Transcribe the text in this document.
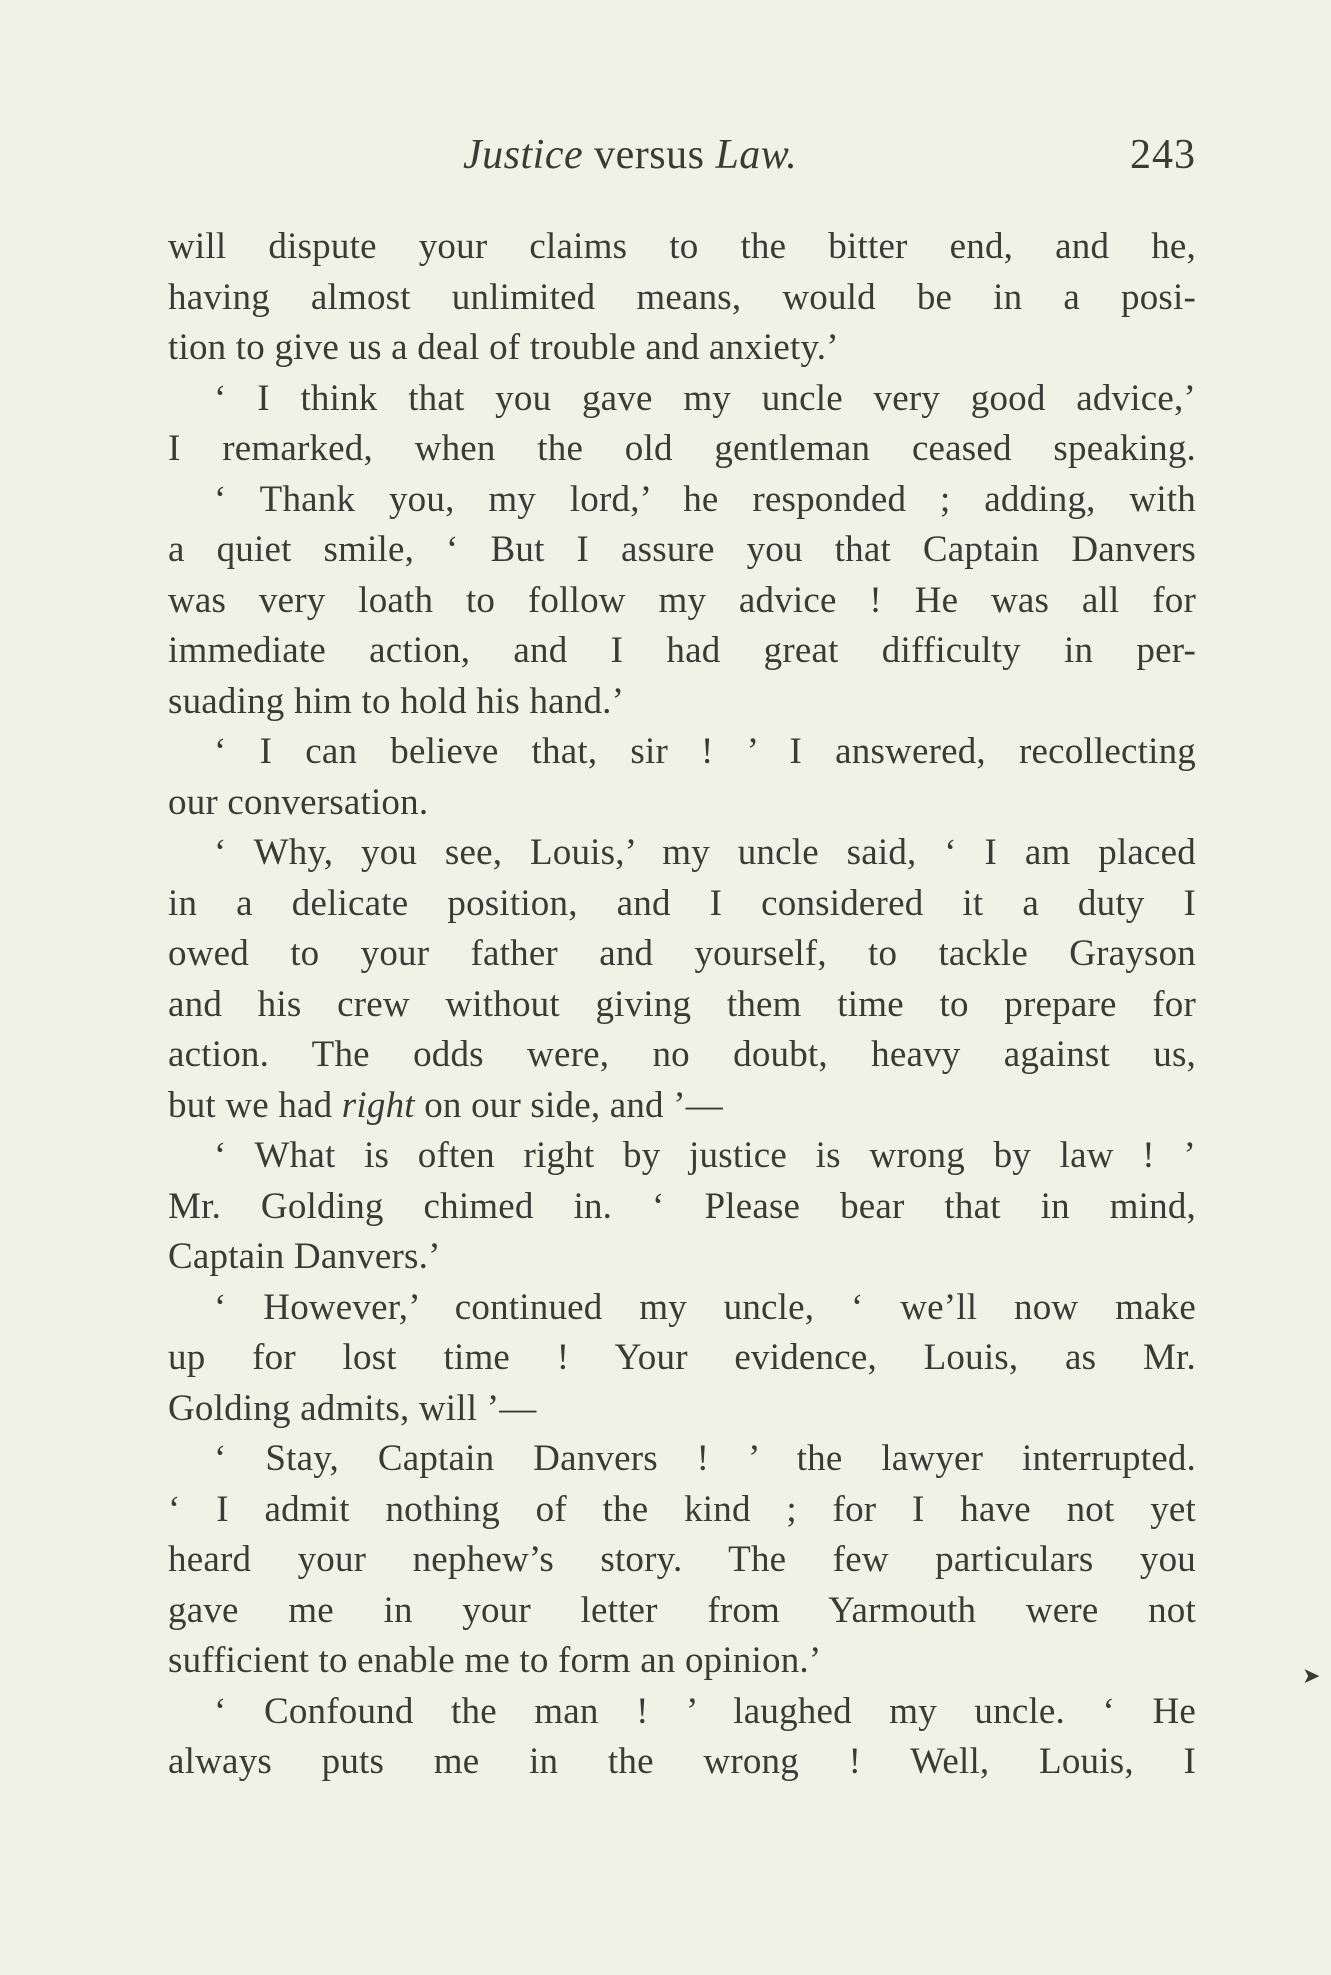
Justice versus Law.	243
will dispute your claims to the bitter end, and he,
having almost unlimited means, would be in a posi-
tion to give us a deal of trouble and anxiety.’
‘ I think that you gave my uncle very good advice,’
I remarked, when the old gentleman ceased speaking.
‘ Thank you, my lord,’ he responded ; adding, with
a quiet smile, ‘ But I assure you that Captain Danvers
was very loath to follow my advice ! He was all for
immediate action, and I had great difficulty in per-
suading him to hold his hand.’
‘ I can believe that, sir ! ’ I answered, recollecting
our conversation.
‘ Why, you see, Louis,’ my uncle said, ‘ I am placed
in a delicate position, and I considered it a duty I
owed to your father and yourself, to tackle Grayson
and his crew without giving them time to prepare for
action. The odds were, no doubt, heavy against us,
but we had right on our side, and ’—
‘ What is often right by justice is wrong by law ! ’
Mr. Golding chimed in. ‘ Please bear that in mind,
Captain Danvers.’
‘ However,’ continued my uncle, ‘ we’ll now make
up for lost time ! Your evidence, Louis, as Mr.
Golding admits, will ’—
‘ Stay, Captain Danvers ! ’ the lawyer interrupted.
‘ I admit nothing of the kind ; for I have not yet
heard your nephew’s story. The few particulars you
gave me in your letter from Yarmouth were not
sufficient to enable me to form an opinion.’
‘ Confound the man ! ’ laughed my uncle. ‘ He
always puts me in the wrong ! Well, Louis, I
➤
